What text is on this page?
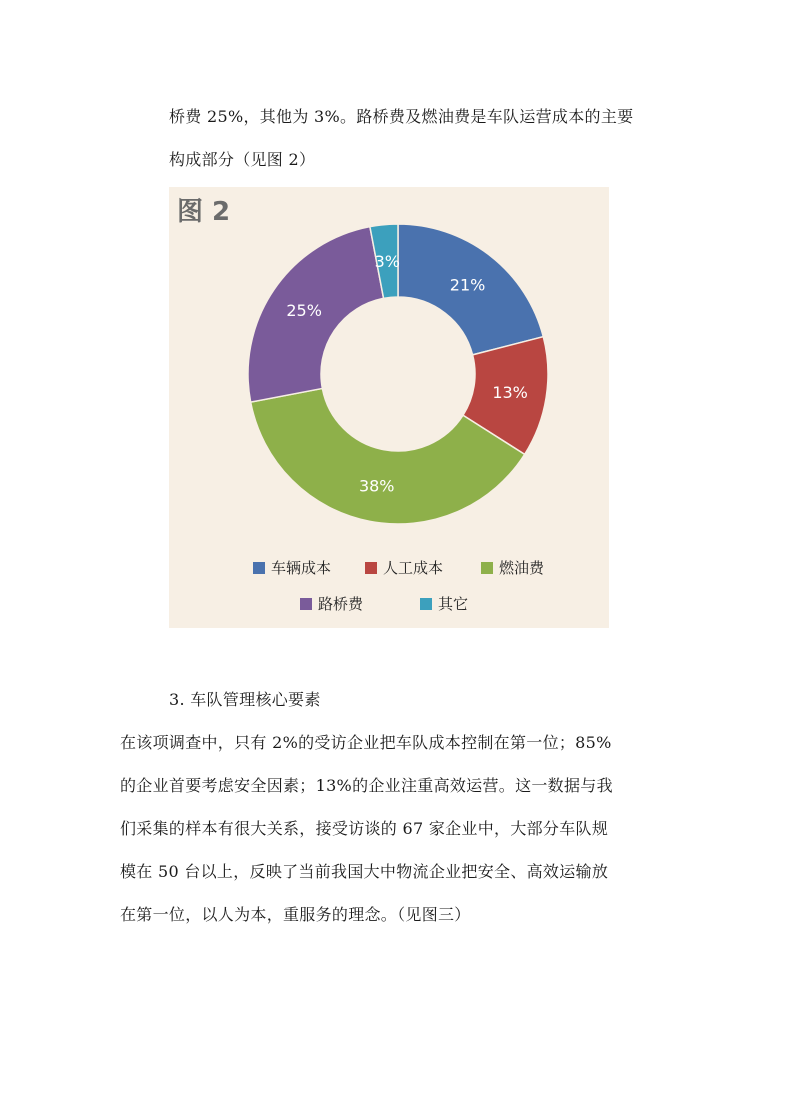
桥费 25%，其他为 3%。路桥费及燃油费是车队运营成本的主要
构成部分（见图 2）
图 2
21%
13%
38%
25%
3%
车辆成本	人工成本	燃油费
路桥费	其它
3. 车队管理核心要素
在该项调查中，只有 2%的受访企业把车队成本控制在第一位；85%
的企业首要考虑安全因素；13%的企业注重高效运营。这一数据与我
们采集的样本有很大关系，接受访谈的 67 家企业中，大部分车队规
模在 50 台以上，反映了当前我国大中物流企业把安全、高效运输放
在第一位，以人为本，重服务的理念。（见图三）
